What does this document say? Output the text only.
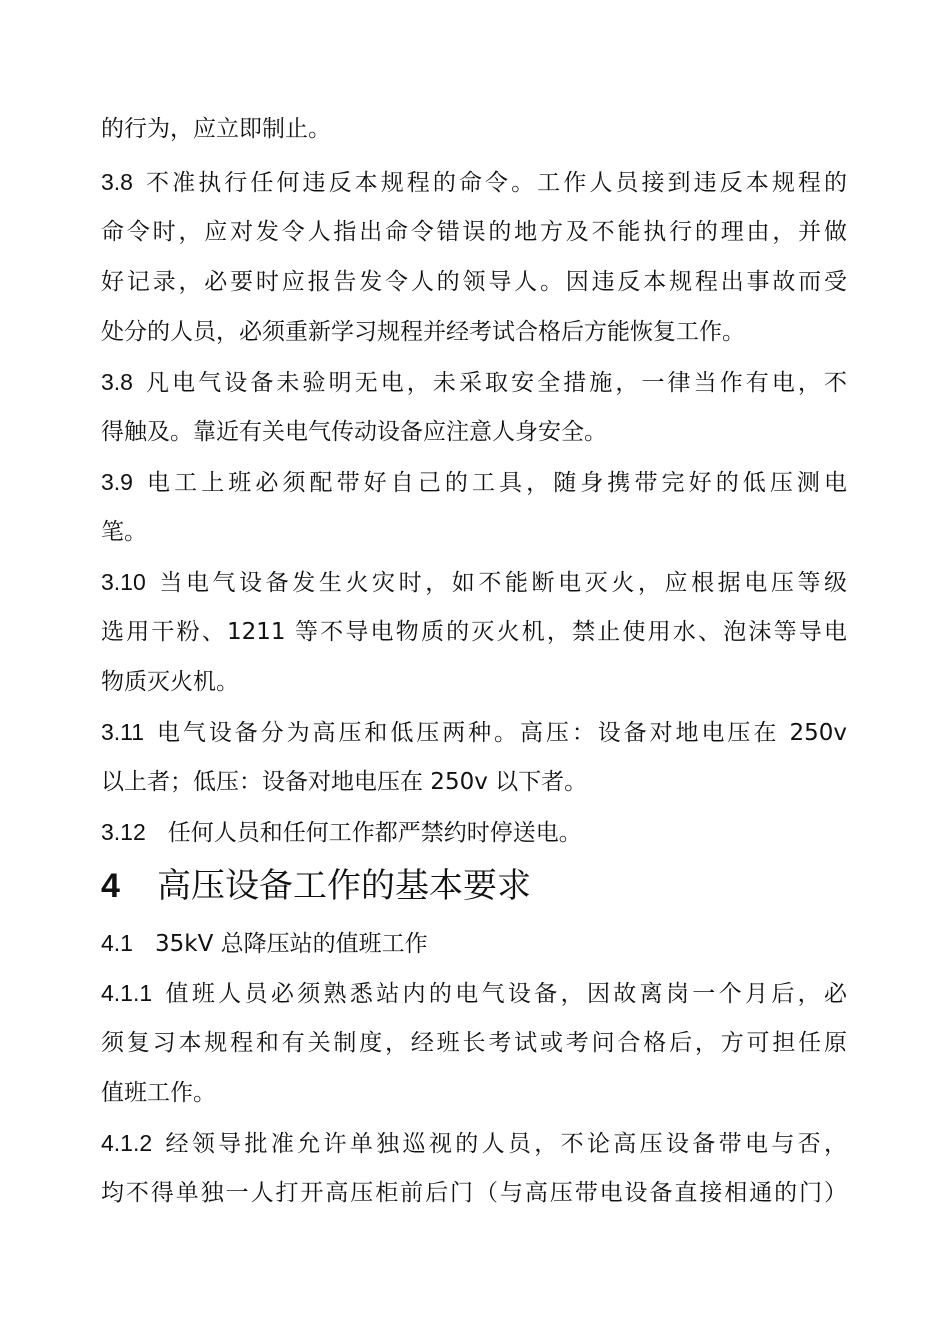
的行为，应立即制止。
3.8 不准执行任何违反本规程的命令。工作人员接到违反本规程的
命令时，应对发令人指出命令错误的地方及不能执行的理由，并做
好记录，必要时应报告发令人的领导人。因违反本规程出事故而受
处分的人员，必须重新学习规程并经考试合格后方能恢复工作。
3.8 凡电气设备未验明无电，未采取安全措施，一律当作有电，不
得触及。靠近有关电气传动设备应注意人身安全。
3.9 电工上班必须配带好自己的工具，随身携带完好的低压测电
笔。
3.10 当电气设备发生火灾时，如不能断电灭火，应根据电压等级
选用干粉、1211 等不导电物质的灭火机，禁止使用水、泡沫等导电
物质灭火机。
3.11 电气设备分为高压和低压两种。高压：设备对地电压在 250v
以上者；低压：设备对地电压在 250v 以下者。
3.12 任何人员和任何工作都严禁约时停送电。
4 高压设备工作的基本要求
4.1 35kV 总降压站的值班工作
4.1.1 值班人员必须熟悉站内的电气设备，因故离岗一个月后，必
须复习本规程和有关制度，经班长考试或考问合格后，方可担任原
值班工作。
4.1.2 经领导批准允许单独巡视的人员，不论高压设备带电与否，
均不得单独一人打开高压柜前后门（与高压带电设备直接相通的门）
